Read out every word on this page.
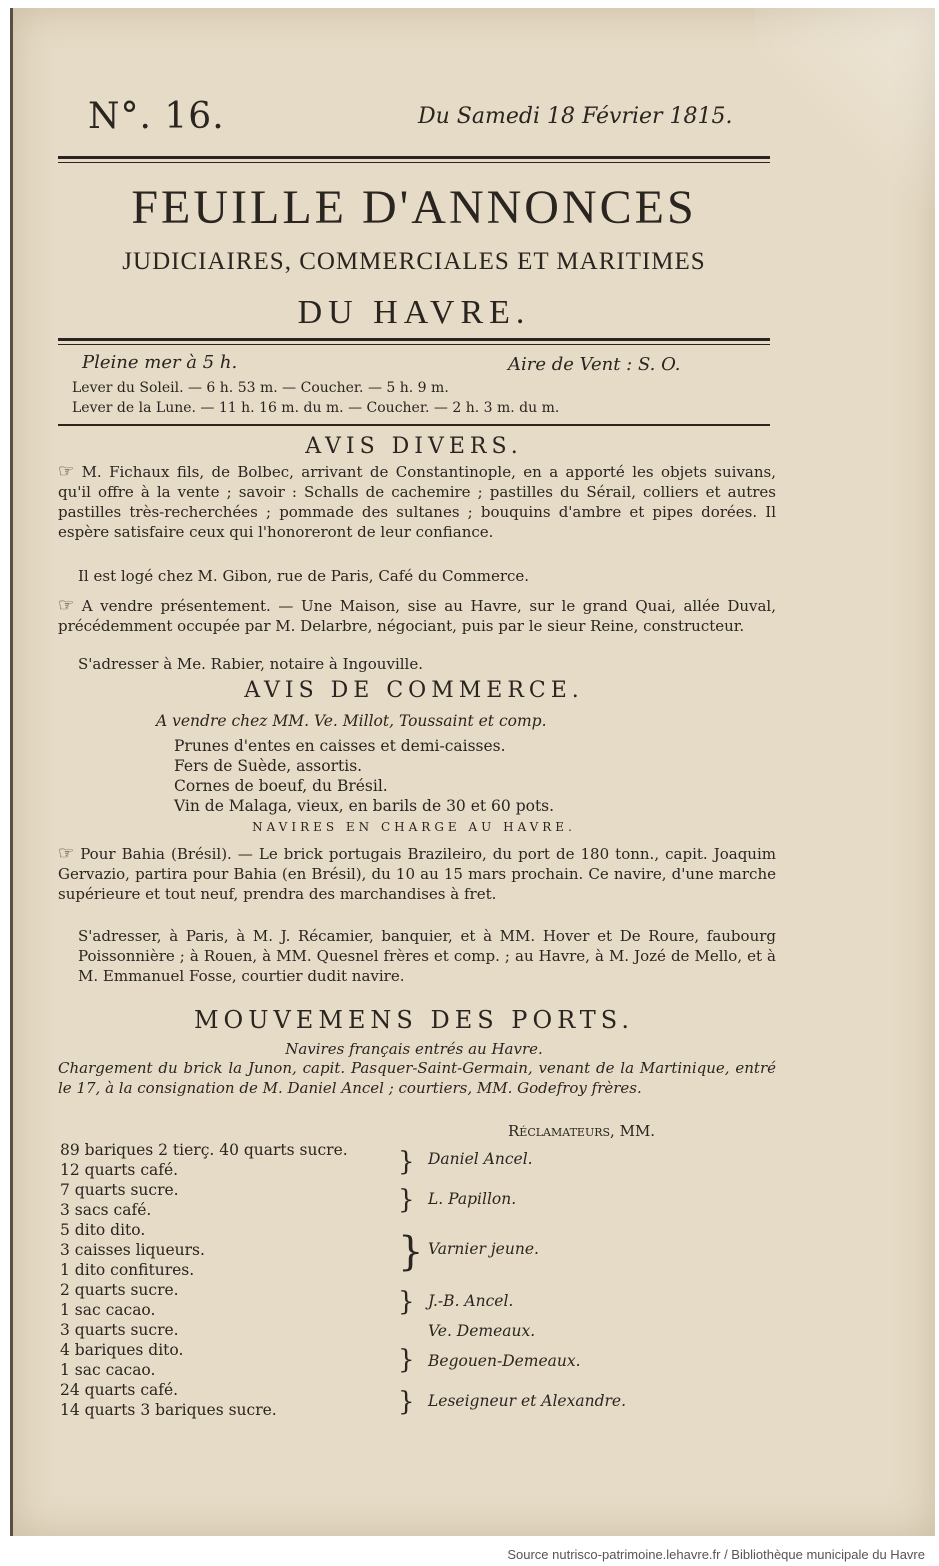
N°. 16.	Du Samedi 18 Février 1815.
FEUILLE D'ANNONCES
JUDICIAIRES, COMMERCIALES ET MARITIMES
DU HAVRE.
Pleine mer à 5 h.	Aire de Vent : S. O.
Lever du Soleil. — 6 h. 53 m. — Coucher. — 5 h. 9 m.
Lever de la Lune. — 11 h. 16 m. du m. — Coucher. — 2 h. 3 m. du m.
AVIS DIVERS.
☞ M. Fichaux fils, de Bolbec, arrivant de Constantinople, en a apporté les objets suivans, qu'il offre à la vente ; savoir : Schalls de cachemire ; pastilles du Sérail, colliers et autres pastilles très-recherchées ; pommade des sultanes ; bouquins d'ambre et pipes dorées. Il espère satisfaire ceux qui l'honoreront de leur confiance.
Il est logé chez M. Gibon, rue de Paris, Café du Commerce.
☞ A vendre présentement. — Une Maison, sise au Havre, sur le grand Quai, allée Duval, précédemment occupée par M. Delarbre, négociant, puis par le sieur Reine, constructeur.
S'adresser à Me. Rabier, notaire à Ingouville.
AVIS DE COMMERCE.
A vendre chez MM. Ve. Millot, Toussaint et comp.
Prunes d'entes en caisses et demi-caisses.
Fers de Suède, assortis.
Cornes de boeuf, du Brésil.
Vin de Malaga, vieux, en barils de 30 et 60 pots.
NAVIRES EN CHARGE AU HAVRE.
☞ Pour Bahia (Brésil). — Le brick portugais Brazileiro, du port de 180 tonn., capit. Joaquim Gervazio, partira pour Bahia (en Brésil), du 10 au 15 mars prochain. Ce navire, d'une marche supérieure et tout neuf, prendra des marchandises à fret.
S'adresser, à Paris, à M. J. Récamier, banquier, et à MM. Hover et De Roure, faubourg Poissonnière ; à Rouen, à MM. Quesnel frères et comp. ; au Havre, à M. Jozé de Mello, et à M. Emmanuel Fosse, courtier dudit navire.
MOUVEMENS DES PORTS.
Navires français entrés au Havre.
Chargement du brick la Junon, capit. Pasquer-Saint-Germain, venant de la Martinique, entré le 17, à la consignation de M. Daniel Ancel ; courtiers, MM. Godefroy frères.
Réclamateurs, MM.
89 bariques 2 tierç. 40 quarts sucre.
12 quarts café.
7 quarts sucre.
3 sacs café.
5 dito dito.
3 caisses liqueurs.
1 dito confitures.
2 quarts sucre.
1 sac cacao.
3 quarts sucre.
4 bariques dito.
1 sac cacao.
24 quarts café.
14 quarts 3 bariques sucre.
}
}
}
}
}
}
Daniel Ancel.
L. Papillon.
Varnier jeune.
J.-B. Ancel.
Ve. Demeaux.
Begouen-Demeaux.
Leseigneur et Alexandre.
Source nutrisco-patrimoine.lehavre.fr / Bibliothèque municipale du Havre
